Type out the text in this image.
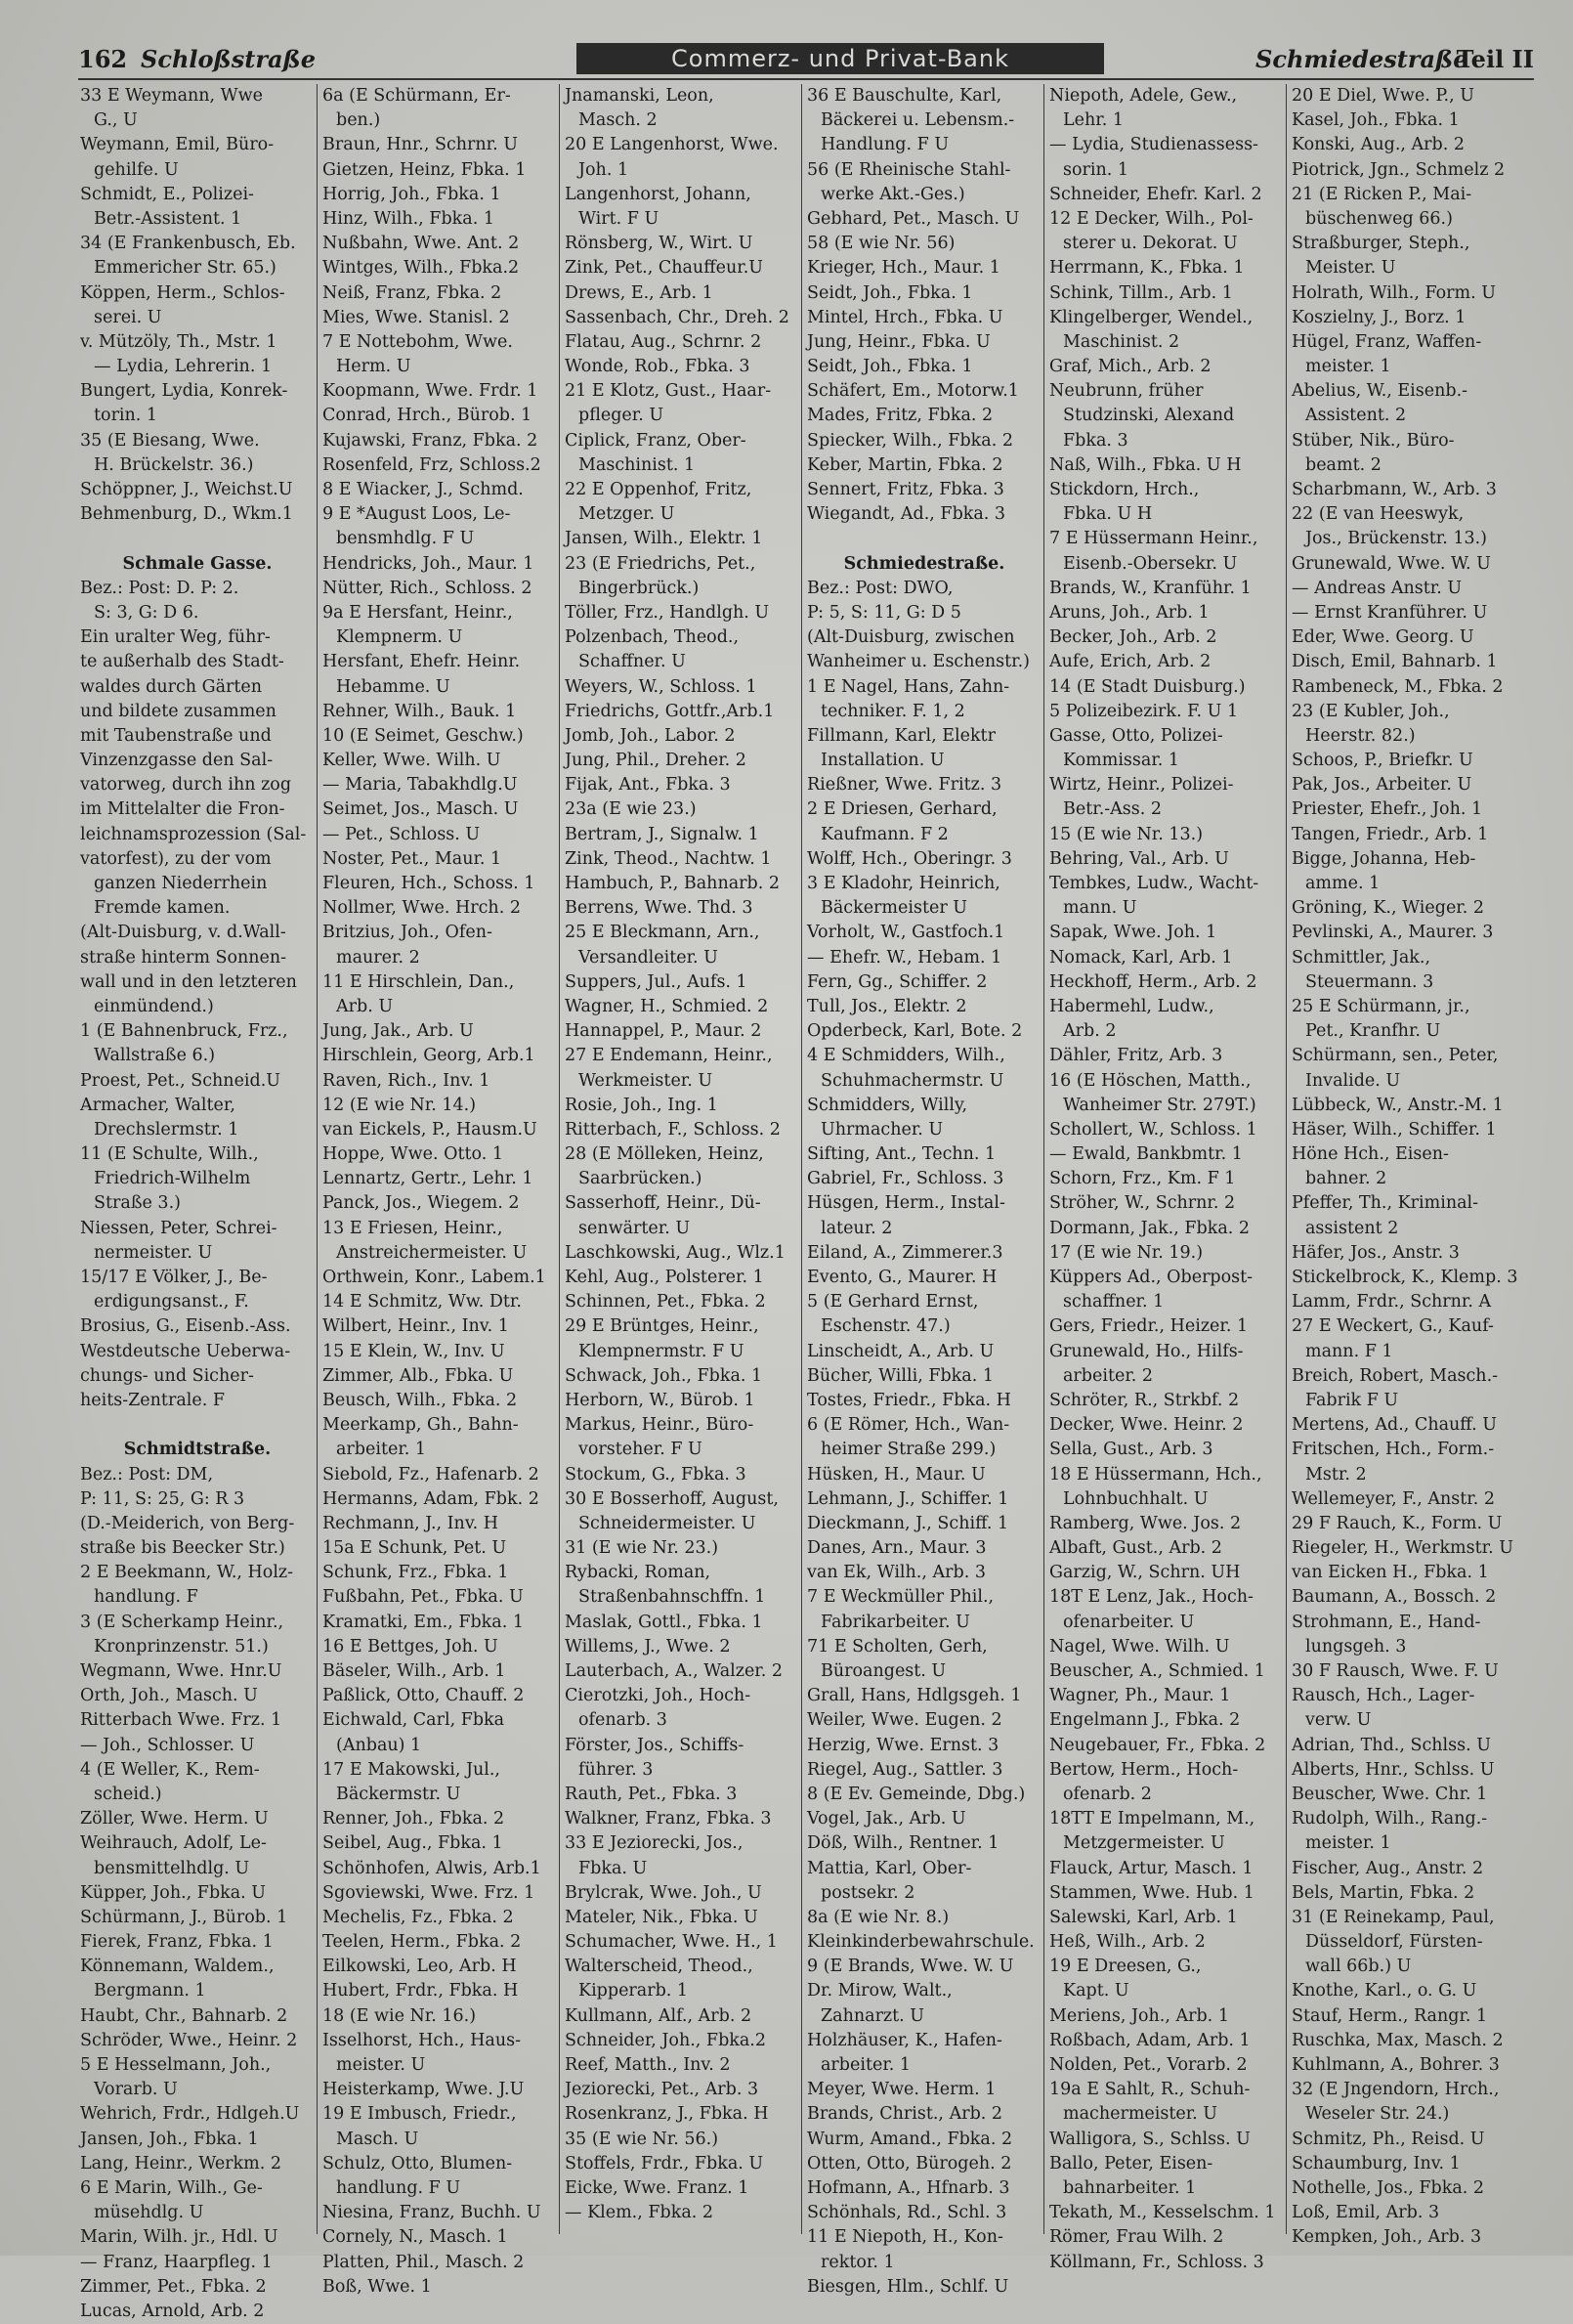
162 Schloßstraße	Commerz- und Privat-Bank	Schmiedestraße
Teil II
33 E Weymann, Wwe
G., U
Weymann, Emil, Büro-
gehilfe. U
Schmidt, E., Polizei-
Betr.-Assistent. 1
34 (E Frankenbusch, Eb.
Emmericher Str. 65.)
Köppen, Herm., Schlos-
serei. U
v. Mützöly, Th., Mstr. 1
— Lydia, Lehrerin. 1
Bungert, Lydia, Konrek-
torin. 1
35 (E Biesang, Wwe.
H. Brückelstr. 36.)
Schöppner, J., Weichst.U
Behmenburg, D., Wkm.1
Schmale Gasse.
Bez.: Post: D. P: 2.
S: 3, G: D 6.
Ein uralter Weg, führ-
te außerhalb des Stadt-
waldes durch Gärten
und bildete zusammen
mit Taubenstraße und
Vinzenzgasse den Sal-
vatorweg, durch ihn zog
im Mittelalter die Fron-
leichnamsprozession (Sal-
vatorfest), zu der vom
ganzen Niederrhein
Fremde kamen.
(Alt-Duisburg, v. d.Wall-
straße hinterm Sonnen-
wall und in den letzteren
einmündend.)
1 (E Bahnenbruck, Frz.,
Wallstraße 6.)
Proest, Pet., Schneid.U
Armacher, Walter,
Drechslermstr. 1
11 (E Schulte, Wilh.,
Friedrich-Wilhelm
Straße 3.)
Niessen, Peter, Schrei-
nermeister. U
15/17 E Völker, J., Be-
erdigungsanst., F.
Brosius, G., Eisenb.-Ass.
Westdeutsche Ueberwa-
chungs- und Sicher-
heits-Zentrale. F
Schmidtstraße.
Bez.: Post: DM,
P: 11, S: 25, G: R 3
(D.-Meiderich, von Berg-
straße bis Beecker Str.)
2 E Beekmann, W., Holz-
handlung. F
3 (E Scherkamp Heinr.,
Kronprinzenstr. 51.)
Wegmann, Wwe. Hnr.U
Orth, Joh., Masch. U
Ritterbach Wwe. Frz. 1
— Joh., Schlosser. U
4 (E Weller, K., Rem-
scheid.)
Zöller, Wwe. Herm. U
Weihrauch, Adolf, Le-
bensmittelhdlg. U
Küpper, Joh., Fbka. U
Schürmann, J., Bürob. 1
Fierek, Franz, Fbka. 1
Könnemann, Waldem.,
Bergmann. 1
Haubt, Chr., Bahnarb. 2
Schröder, Wwe., Heinr. 2
5 E Hesselmann, Joh.,
Vorarb. U
Wehrich, Frdr., Hdlgeh.U
Jansen, Joh., Fbka. 1
Lang, Heinr., Werkm. 2
6 E Marin, Wilh., Ge-
müsehdlg. U
Marin, Wilh. jr., Hdl. U
— Franz, Haarpfleg. 1
Zimmer, Pet., Fbka. 2
Lucas, Arnold, Arb. 2
6a (E Schürmann, Er-
ben.)
Braun, Hnr., Schrnr. U
Gietzen, Heinz, Fbka. 1
Horrig, Joh., Fbka. 1
Hinz, Wilh., Fbka. 1
Nußbahn, Wwe. Ant. 2
Wintges, Wilh., Fbka.2
Neiß, Franz, Fbka. 2
Mies, Wwe. Stanisl. 2
7 E Nottebohm, Wwe.
Herm. U
Koopmann, Wwe. Frdr. 1
Conrad, Hrch., Bürob. 1
Kujawski, Franz, Fbka. 2
Rosenfeld, Frz, Schloss.2
8 E Wiacker, J., Schmd.
9 E *August Loos, Le-
bensmhdlg. F U
Hendricks, Joh., Maur. 1
Nütter, Rich., Schloss. 2
9a E Hersfant, Heinr.,
Klempnerm. U
Hersfant, Ehefr. Heinr.
Hebamme. U
Rehner, Wilh., Bauk. 1
10 (E Seimet, Geschw.)
Keller, Wwe. Wilh. U
— Maria, Tabakhdlg.U
Seimet, Jos., Masch. U
— Pet., Schloss. U
Noster, Pet., Maur. 1
Fleuren, Hch., Schoss. 1
Nollmer, Wwe. Hrch. 2
Britzius, Joh., Ofen-
maurer. 2
11 E Hirschlein, Dan.,
Arb. U
Jung, Jak., Arb. U
Hirschlein, Georg, Arb.1
Raven, Rich., Inv. 1
12 (E wie Nr. 14.)
van Eickels, P., Hausm.U
Hoppe, Wwe. Otto. 1
Lennartz, Gertr., Lehr. 1
Panck, Jos., Wiegem. 2
13 E Friesen, Heinr.,
Anstreichermeister. U
Orthwein, Konr., Labem.1
14 E Schmitz, Ww. Dtr.
Wilbert, Heinr., Inv. 1
15 E Klein, W., Inv. U
Zimmer, Alb., Fbka. U
Beusch, Wilh., Fbka. 2
Meerkamp, Gh., Bahn-
arbeiter. 1
Siebold, Fz., Hafenarb. 2
Hermanns, Adam, Fbk. 2
Rechmann, J., Inv. H
15a E Schunk, Pet. U
Schunk, Frz., Fbka. 1
Fußbahn, Pet., Fbka. U
Kramatki, Em., Fbka. 1
16 E Bettges, Joh. U
Bäseler, Wilh., Arb. 1
Paßlick, Otto, Chauff. 2
Eichwald, Carl, Fbka
(Anbau) 1
17 E Makowski, Jul.,
Bäckermstr. U
Renner, Joh., Fbka. 2
Seibel, Aug., Fbka. 1
Schönhofen, Alwis, Arb.1
Sgoviewski, Wwe. Frz. 1
Mechelis, Fz., Fbka. 2
Teelen, Herm., Fbka. 2
Eilkowski, Leo, Arb. H
Hubert, Frdr., Fbka. H
18 (E wie Nr. 16.)
Isselhorst, Hch., Haus-
meister. U
Heisterkamp, Wwe. J.U
19 E Imbusch, Friedr.,
Masch. U
Schulz, Otto, Blumen-
handlung. F U
Niesina, Franz, Buchh. U
Cornely, N., Masch. 1
Platten, Phil., Masch. 2
Boß, Wwe. 1
Jnamanski, Leon,
Masch. 2
20 E Langenhorst, Wwe.
Joh. 1
Langenhorst, Johann,
Wirt. F U
Rönsberg, W., Wirt. U
Zink, Pet., Chauffeur.U
Drews, E., Arb. 1
Sassenbach, Chr., Dreh. 2
Flatau, Aug., Schrnr. 2
Wonde, Rob., Fbka. 3
21 E Klotz, Gust., Haar-
pfleger. U
Ciplick, Franz, Ober-
Maschinist. 1
22 E Oppenhof, Fritz,
Metzger. U
Jansen, Wilh., Elektr. 1
23 (E Friedrichs, Pet.,
Bingerbrück.)
Töller, Frz., Handlgh. U
Polzenbach, Theod.,
Schaffner. U
Weyers, W., Schloss. 1
Friedrichs, Gottfr.,Arb.1
Jomb, Joh., Labor. 2
Jung, Phil., Dreher. 2
Fijak, Ant., Fbka. 3
23a (E wie 23.)
Bertram, J., Signalw. 1
Zink, Theod., Nachtw. 1
Hambuch, P., Bahnarb. 2
Berrens, Wwe. Thd. 3
25 E Bleckmann, Arn.,
Versandleiter. U
Suppers, Jul., Aufs. 1
Wagner, H., Schmied. 2
Hannappel, P., Maur. 2
27 E Endemann, Heinr.,
Werkmeister. U
Rosie, Joh., Ing. 1
Ritterbach, F., Schloss. 2
28 (E Mölleken, Heinz,
Saarbrücken.)
Sasserhoff, Heinr., Dü-
senwärter. U
Laschkowski, Aug., Wlz.1
Kehl, Aug., Polsterer. 1
Schinnen, Pet., Fbka. 2
29 E Brüntges, Heinr.,
Klempnermstr. F U
Schwack, Joh., Fbka. 1
Herborn, W., Bürob. 1
Markus, Heinr., Büro-
vorsteher. F U
Stockum, G., Fbka. 3
30 E Bosserhoff, August,
Schneidermeister. U
31 (E wie Nr. 23.)
Rybacki, Roman,
Straßenbahnschffn. 1
Maslak, Gottl., Fbka. 1
Willems, J., Wwe. 2
Lauterbach, A., Walzer. 2
Cierotzki, Joh., Hoch-
ofenarb. 3
Förster, Jos., Schiffs-
führer. 3
Rauth, Pet., Fbka. 3
Walkner, Franz, Fbka. 3
33 E Jeziorecki, Jos.,
Fbka. U
Brylcrak, Wwe. Joh., U
Mateler, Nik., Fbka. U
Schumacher, Wwe. H., 1
Walterscheid, Theod.,
Kipperarb. 1
Kullmann, Alf., Arb. 2
Schneider, Joh., Fbka.2
Reef, Matth., Inv. 2
Jeziorecki, Pet., Arb. 3
Rosenkranz, J., Fbka. H
35 (E wie Nr. 56.)
Stoffels, Frdr., Fbka. U
Eicke, Wwe. Franz. 1
— Klem., Fbka. 2
36 E Bauschulte, Karl,
Bäckerei u. Lebensm.-
Handlung. F U
56 (E Rheinische Stahl-
werke Akt.-Ges.)
Gebhard, Pet., Masch. U
58 (E wie Nr. 56)
Krieger, Hch., Maur. 1
Seidt, Joh., Fbka. 1
Mintel, Hrch., Fbka. U
Jung, Heinr., Fbka. U
Seidt, Joh., Fbka. 1
Schäfert, Em., Motorw.1
Mades, Fritz, Fbka. 2
Spiecker, Wilh., Fbka. 2
Keber, Martin, Fbka. 2
Sennert, Fritz, Fbka. 3
Wiegandt, Ad., Fbka. 3
Schmiedestraße.
Bez.: Post: DWO,
P: 5, S: 11, G: D 5
(Alt-Duisburg, zwischen
Wanheimer u. Eschenstr.)
1 E Nagel, Hans, Zahn-
techniker. F. 1, 2
Fillmann, Karl, Elektr
Installation. U
Rießner, Wwe. Fritz. 3
2 E Driesen, Gerhard,
Kaufmann. F 2
Wolff, Hch., Oberingr. 3
3 E Kladohr, Heinrich,
Bäckermeister U
Vorholt, W., Gastfoch.1
— Ehefr. W., Hebam. 1
Fern, Gg., Schiffer. 2
Tull, Jos., Elektr. 2
Opderbeck, Karl, Bote. 2
4 E Schmidders, Wilh.,
Schuhmachermstr. U
Schmidders, Willy,
Uhrmacher. U
Sifting, Ant., Techn. 1
Gabriel, Fr., Schloss. 3
Hüsgen, Herm., Instal-
lateur. 2
Eiland, A., Zimmerer.3
Evento, G., Maurer. H
5 (E Gerhard Ernst,
Eschenstr. 47.)
Linscheidt, A., Arb. U
Bücher, Willi, Fbka. 1
Tostes, Friedr., Fbka. H
6 (E Römer, Hch., Wan-
heimer Straße 299.)
Hüsken, H., Maur. U
Lehmann, J., Schiffer. 1
Dieckmann, J., Schiff. 1
Danes, Arn., Maur. 3
van Ek, Wilh., Arb. 3
7 E Weckmüller Phil.,
Fabrikarbeiter. U
71 E Scholten, Gerh,
Büroangest. U
Grall, Hans, Hdlgsgeh. 1
Weiler, Wwe. Eugen. 2
Herzig, Wwe. Ernst. 3
Riegel, Aug., Sattler. 3
8 (E Ev. Gemeinde, Dbg.)
Vogel, Jak., Arb. U
Döß, Wilh., Rentner. 1
Mattia, Karl, Ober-
postsekr. 2
8a (E wie Nr. 8.)
Kleinkinderbewahrschule.
9 (E Brands, Wwe. W. U
Dr. Mirow, Walt.,
Zahnarzt. U
Holzhäuser, K., Hafen-
arbeiter. 1
Meyer, Wwe. Herm. 1
Brands, Christ., Arb. 2
Wurm, Amand., Fbka. 2
Otten, Otto, Bürogeh. 2
Hofmann, A., Hfnarb. 3
Schönhals, Rd., Schl. 3
11 E Niepoth, H., Kon-
rektor. 1
Biesgen, Hlm., Schlf. U
Niepoth, Adele, Gew.,
Lehr. 1
— Lydia, Studienassess-
sorin. 1
Schneider, Ehefr. Karl. 2
12 E Decker, Wilh., Pol-
sterer u. Dekorat. U
Herrmann, K., Fbka. 1
Schink, Tillm., Arb. 1
Klingelberger, Wendel.,
Maschinist. 2
Graf, Mich., Arb. 2
Neubrunn, früher
Studzinski, Alexand
Fbka. 3
Naß, Wilh., Fbka. U H
Stickdorn, Hrch.,
Fbka. U H
7 E Hüssermann Heinr.,
Eisenb.-Obersekr. U
Brands, W., Kranführ. 1
Aruns, Joh., Arb. 1
Becker, Joh., Arb. 2
Aufe, Erich, Arb. 2
14 (E Stadt Duisburg.)
5 Polizeibezirk. F. U 1
Gasse, Otto, Polizei-
Kommissar. 1
Wirtz, Heinr., Polizei-
Betr.-Ass. 2
15 (E wie Nr. 13.)
Behring, Val., Arb. U
Tembkes, Ludw., Wacht-
mann. U
Sapak, Wwe. Joh. 1
Nomack, Karl, Arb. 1
Heckhoff, Herm., Arb. 2
Habermehl, Ludw.,
Arb. 2
Dähler, Fritz, Arb. 3
16 (E Höschen, Matth.,
Wanheimer Str. 279T.)
Schollert, W., Schloss. 1
— Ewald, Bankbmtr. 1
Schorn, Frz., Km. F 1
Ströher, W., Schrnr. 2
Dormann, Jak., Fbka. 2
17 (E wie Nr. 19.)
Küppers Ad., Oberpost-
schaffner. 1
Gers, Friedr., Heizer. 1
Grunewald, Ho., Hilfs-
arbeiter. 2
Schröter, R., Strkbf. 2
Decker, Wwe. Heinr. 2
Sella, Gust., Arb. 3
18 E Hüssermann, Hch.,
Lohnbuchhalt. U
Ramberg, Wwe. Jos. 2
Albaft, Gust., Arb. 2
Garzig, W., Schrn. UH
18T E Lenz, Jak., Hoch-
ofenarbeiter. U
Nagel, Wwe. Wilh. U
Beuscher, A., Schmied. 1
Wagner, Ph., Maur. 1
Engelmann J., Fbka. 2
Neugebauer, Fr., Fbka. 2
Bertow, Herm., Hoch-
ofenarb. 2
18TT E Impelmann, M.,
Metzgermeister. U
Flauck, Artur, Masch. 1
Stammen, Wwe. Hub. 1
Salewski, Karl, Arb. 1
Heß, Wilh., Arb. 2
19 E Dreesen, G.,
Kapt. U
Meriens, Joh., Arb. 1
Roßbach, Adam, Arb. 1
Nolden, Pet., Vorarb. 2
19a E Sahlt, R., Schuh-
machermeister. U
Walligora, S., Schlss. U
Ballo, Peter, Eisen-
bahnarbeiter. 1
Tekath, M., Kesselschm. 1
Römer, Frau Wilh. 2
Köllmann, Fr., Schloss. 3
20 E Diel, Wwe. P., U
Kasel, Joh., Fbka. 1
Konski, Aug., Arb. 2
Piotrick, Jgn., Schmelz 2
21 (E Ricken P., Mai-
büschenweg 66.)
Straßburger, Steph.,
Meister. U
Holrath, Wilh., Form. U
Koszielny, J., Borz. 1
Hügel, Franz, Waffen-
meister. 1
Abelius, W., Eisenb.-
Assistent. 2
Stüber, Nik., Büro-
beamt. 2
Scharbmann, W., Arb. 3
22 (E van Heeswyk,
Jos., Brückenstr. 13.)
Grunewald, Wwe. W. U
— Andreas Anstr. U
— Ernst Kranführer. U
Eder, Wwe. Georg. U
Disch, Emil, Bahnarb. 1
Rambeneck, M., Fbka. 2
23 (E Kubler, Joh.,
Heerstr. 82.)
Schoos, P., Briefkr. U
Pak, Jos., Arbeiter. U
Priester, Ehefr., Joh. 1
Tangen, Friedr., Arb. 1
Bigge, Johanna, Heb-
amme. 1
Gröning, K., Wieger. 2
Pevlinski, A., Maurer. 3
Schmittler, Jak.,
Steuermann. 3
25 E Schürmann, jr.,
Pet., Kranfhr. U
Schürmann, sen., Peter,
Invalide. U
Lübbeck, W., Anstr.-M. 1
Häser, Wilh., Schiffer. 1
Höne Hch., Eisen-
bahner. 2
Pfeffer, Th., Kriminal-
assistent 2
Häfer, Jos., Anstr. 3
Stickelbrock, K., Klemp. 3
Lamm, Frdr., Schrnr. A
27 E Weckert, G., Kauf-
mann. F 1
Breich, Robert, Masch.-
Fabrik F U
Mertens, Ad., Chauff. U
Fritschen, Hch., Form.-
Mstr. 2
Wellemeyer, F., Anstr. 2
29 F Rauch, K., Form. U
Riegeler, H., Werkmstr. U
van Eicken H., Fbka. 1
Baumann, A., Bossch. 2
Strohmann, E., Hand-
lungsgeh. 3
30 F Rausch, Wwe. F. U
Rausch, Hch., Lager-
verw. U
Adrian, Thd., Schlss. U
Alberts, Hnr., Schlss. U
Beuscher, Wwe. Chr. 1
Rudolph, Wilh., Rang.-
meister. 1
Fischer, Aug., Anstr. 2
Bels, Martin, Fbka. 2
31 (E Reinekamp, Paul,
Düsseldorf, Fürsten-
wall 66b.) U
Knothe, Karl., o. G. U
Stauf, Herm., Rangr. 1
Ruschka, Max, Masch. 2
Kuhlmann, A., Bohrer. 3
32 (E Jngendorn, Hrch.,
Weseler Str. 24.)
Schmitz, Ph., Reisd. U
Schaumburg, Inv. 1
Nothelle, Jos., Fbka. 2
Loß, Emil, Arb. 3
Kempken, Joh., Arb. 3
